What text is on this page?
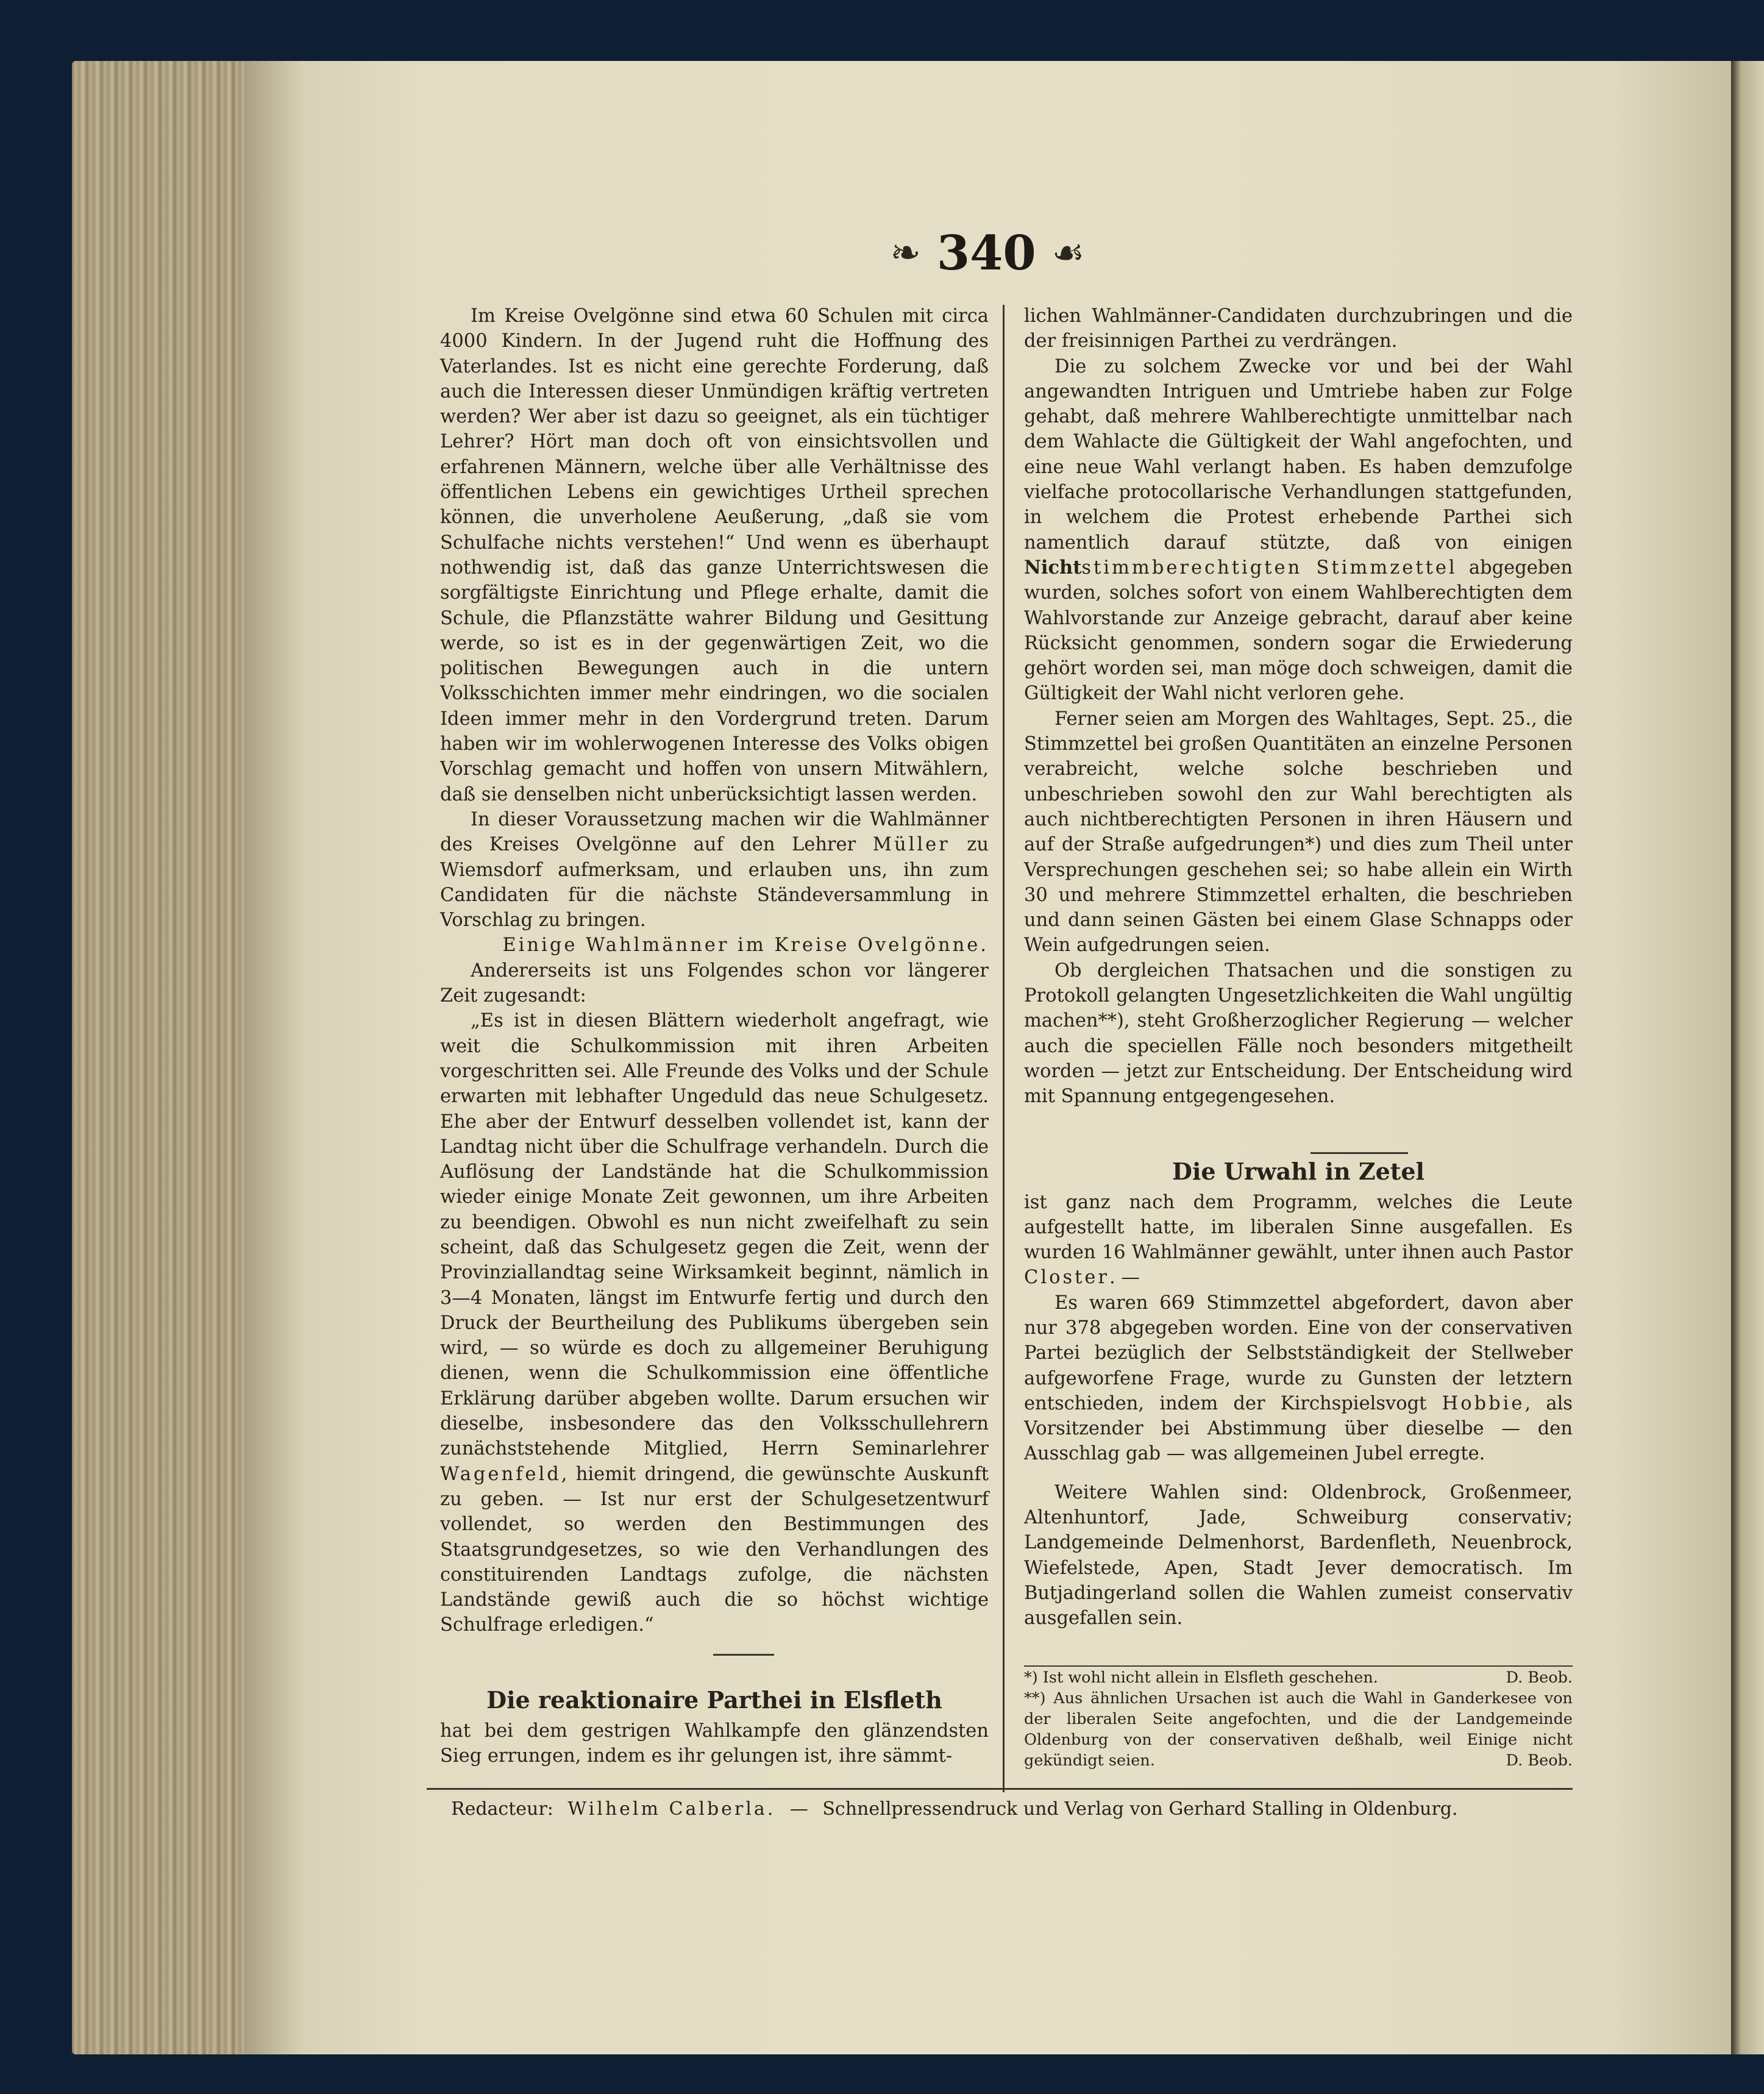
❧ 340 ☙

Im Kreise Ovelgönne sind etwa 60 Schulen mit circa 4000 Kindern. In der Jugend ruht die Hoffnung des Vaterlandes. Ist es nicht eine gerechte Forderung, daß auch die Interessen dieser Unmündigen kräftig vertreten werden? Wer aber ist dazu so geeignet, als ein tüchtiger Lehrer? Hört man doch oft von einsichtsvollen und erfahrenen Männern, welche über alle Verhältnisse des öffentlichen Lebens ein gewichtiges Urtheil sprechen können, die unverholene Aeußerung, „daß sie vom Schulfache nichts verstehen!“ Und wenn es überhaupt nothwendig ist, daß das ganze Unterrichtswesen die sorgfältigste Einrichtung und Pflege erhalte, damit die Schule, die Pflanzstätte wahrer Bildung und Gesittung werde, so ist es in der gegenwärtigen Zeit, wo die politischen Bewegungen auch in die untern Volksschichten immer mehr eindringen, wo die socialen Ideen immer mehr in den Vordergrund treten. Darum haben wir im wohlerwogenen Interesse des Volks obigen Vorschlag gemacht und hoffen von unsern Mitwählern, daß sie denselben nicht unberücksichtigt lassen werden.

In dieser Voraussetzung machen wir die Wahlmänner des Kreises Ovelgönne auf den Lehrer Müller zu Wiemsdorf aufmerksam, und erlauben uns, ihn zum Candidaten für die nächste Ständeversammlung in Vorschlag zu bringen.

Einige Wahlmänner im Kreise Ovelgönne.

Andererseits ist uns Folgendes schon vor längerer Zeit zugesandt:

„Es ist in diesen Blättern wiederholt angefragt, wie weit die Schulkommission mit ihren Arbeiten vorgeschritten sei. Alle Freunde des Volks und der Schule erwarten mit lebhafter Ungeduld das neue Schulgesetz. Ehe aber der Entwurf desselben vollendet ist, kann der Landtag nicht über die Schulfrage verhandeln. Durch die Auflösung der Landstände hat die Schulkommission wieder einige Monate Zeit gewonnen, um ihre Arbeiten zu beendigen. Obwohl es nun nicht zweifelhaft zu sein scheint, daß das Schulgesetz gegen die Zeit, wenn der Provinziallandtag seine Wirksamkeit beginnt, nämlich in 3—4 Monaten, längst im Entwurfe fertig und durch den Druck der Beurtheilung des Publikums übergeben sein wird, — so würde es doch zu allgemeiner Beruhigung dienen, wenn die Schulkommission eine öffentliche Erklärung darüber abgeben wollte. Darum ersuchen wir dieselbe, insbesondere das den Volksschullehrern zunächststehende Mitglied, Herrn Seminarlehrer Wagenfeld, hiemit dringend, die gewünschte Auskunft zu geben. — Ist nur erst der Schulgesetzentwurf vollendet, so werden den Bestimmungen des Staatsgrundgesetzes, so wie den Verhandlungen des constituirenden Landtags zufolge, die nächsten Landstände gewiß auch die so höchst wichtige Schulfrage erledigen.“

Die reaktionaire Parthei in Elsfleth

hat bei dem gestrigen Wahlkampfe den glänzendsten Sieg errungen, indem es ihr gelungen ist, ihre sämmt-

lichen Wahlmänner-Candidaten durchzubringen und die der freisinnigen Parthei zu verdrängen.

Die zu solchem Zwecke vor und bei der Wahl angewandten Intriguen und Umtriebe haben zur Folge gehabt, daß mehrere Wahlberechtigte unmittelbar nach dem Wahlacte die Gültigkeit der Wahl angefochten, und eine neue Wahl verlangt haben. Es haben demzufolge vielfache protocollarische Verhandlungen stattgefunden, in welchem die Protest erhebende Parthei sich namentlich darauf stützte, daß von einigen Nichtstimmberechtigten Stimmzettel abgegeben wurden, solches sofort von einem Wahlberechtigten dem Wahlvorstande zur Anzeige gebracht, darauf aber keine Rücksicht genommen, sondern sogar die Erwiederung gehört worden sei, man möge doch schweigen, damit die Gültigkeit der Wahl nicht verloren gehe.

Ferner seien am Morgen des Wahltages, Sept. 25., die Stimmzettel bei großen Quantitäten an einzelne Personen verabreicht, welche solche beschrieben und unbeschrieben sowohl den zur Wahl berechtigten als auch nichtberechtigten Personen in ihren Häusern und auf der Straße aufgedrungen*) und dies zum Theil unter Versprechungen geschehen sei; so habe allein ein Wirth 30 und mehrere Stimmzettel erhalten, die beschrieben und dann seinen Gästen bei einem Glase Schnapps oder Wein aufgedrungen seien.

Ob dergleichen Thatsachen und die sonstigen zu Protokoll gelangten Ungesetzlichkeiten die Wahl ungültig machen**), steht Großherzoglicher Regierung — welcher auch die speciellen Fälle noch besonders mitgetheilt worden — jetzt zur Entscheidung. Der Entscheidung wird mit Spannung entgegengesehen.

Die Urwahl in Zetel

ist ganz nach dem Programm, welches die Leute aufgestellt hatte, im liberalen Sinne ausgefallen. Es wurden 16 Wahlmänner gewählt, unter ihnen auch Pastor Closter. —

Es waren 669 Stimmzettel abgefordert, davon aber nur 378 abgegeben worden. Eine von der conservativen Partei bezüglich der Selbstständigkeit der Stellweber aufgeworfene Frage, wurde zu Gunsten der letztern entschieden, indem der Kirchspielsvogt Hobbie, als Vorsitzender bei Abstimmung über dieselbe — den Ausschlag gab — was allgemeinen Jubel erregte.

Weitere Wahlen sind: Oldenbrock, Großenmeer, Altenhuntorf, Jade, Schweiburg conservativ; Landgemeinde Delmenhorst, Bardenfleth, Neuenbrock, Wiefelstede, Apen, Stadt Jever democratisch. Im Butjadingerland sollen die Wahlen zumeist conservativ ausgefallen sein.

*) Ist wohl nicht allein in Elsfleth geschehen.	D. Beob.

**) Aus ähnlichen Ursachen ist auch die Wahl in Ganderkesee von der liberalen Seite angefochten, und die der Landgemeinde Oldenburg von der conservativen deßhalb, weil Einige nicht gekündigt seien.	D. Beob.

Redacteur: Wilhelm Calberla. — Schnellpressendruck und Verlag von Gerhard Stalling in Oldenburg.
